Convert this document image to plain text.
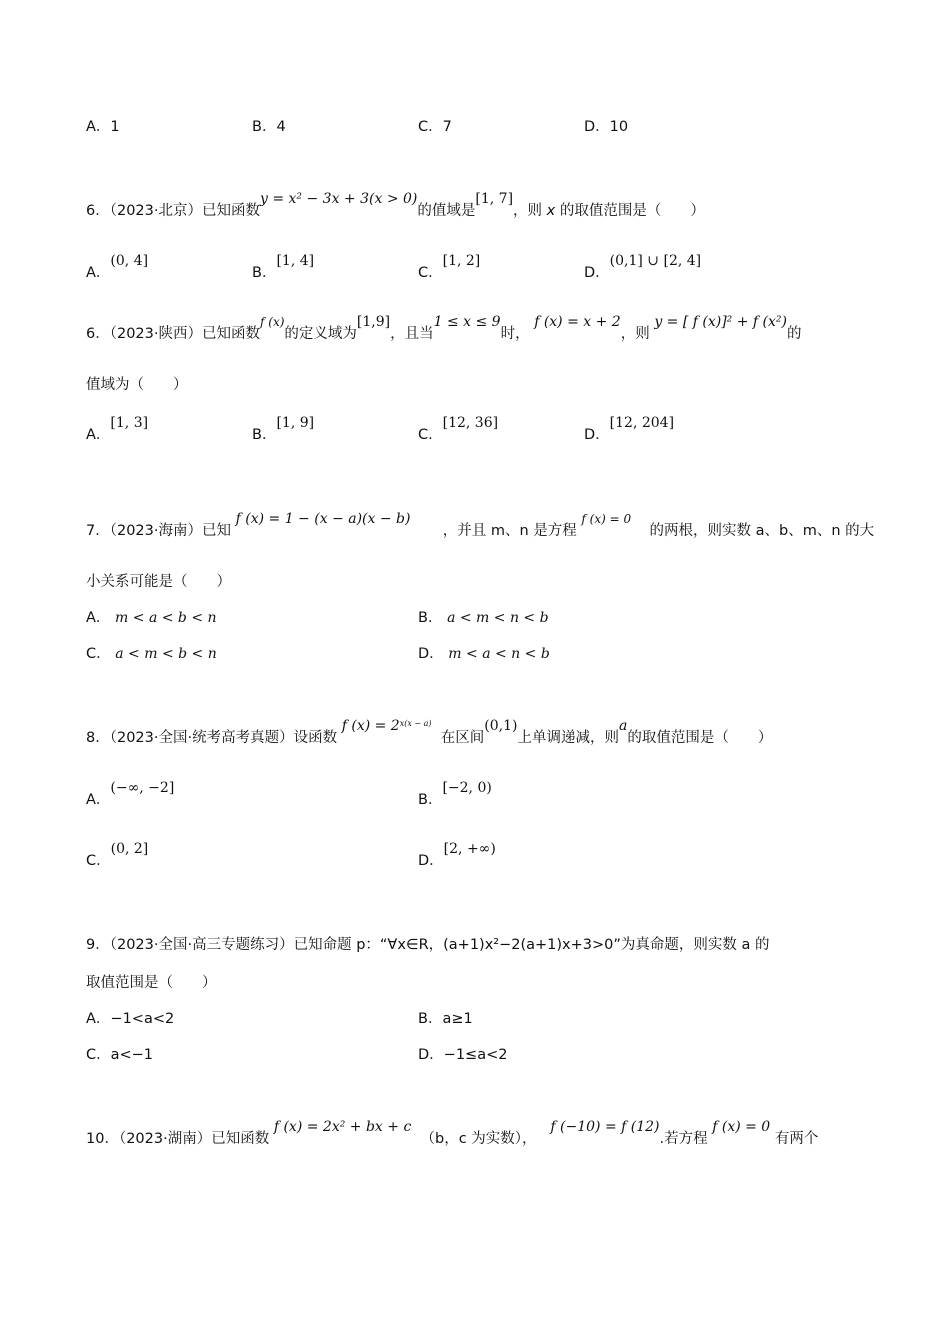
A．1	B．4	C．7	D．10
6．（2023·北京）已知函数y = x² − 3x + 3(x > 0)的值域是[1, 7]，则 x 的取值范围是（　　）
A．(0, 4]
B．[1, 4]
C．[1, 2]
D．(0,1] ∪ [2, 4]
6．（2023·陕西）已知函数$^{f (x)}$的定义域为[1,9]，且当1 ≤ x ≤ 9时， f (x) = x + 2，则 y = [ f (x)]² + f (x²)的
值域为（　　）
A．[1, 3]
B．[1, 9]
C．[12, 36]
D．[12, 204]
7．（2023·海南）已知 f (x) = 1 − (x − a)(x − b)       ，并且 m、n 是方程 $^{f (x) = 0}$    的两根，则实数 a、b、m、n 的大
小关系可能是（　　）
A． m < a < b < n	B． a < m < n < b
C． a < m < b < n	D． m < a < n < b
8．（2023·全国·统考高考真题）设函数 f $(x) = 2^{x(x - a)}$  在区间(0,1)上单调递减，则a的取值范围是（　　）
A．(−∞, −2]
B．[−2, 0)
C．(0, 2]
D．[2, +∞)
9．（2023·全国·高三专题练习）已知命题 p：“∀x∈R，(a+1)x²−2(a+1)x+3>0”为真命题，则实数 a 的
取值范围是（　　）
A．−1<a<2	B．a≥1
C．a<−1	D．−1≤a<2
10．（2023·湖南）已知函数 f (x) = 2x² + bx + c  （b，c 为实数），   f (−10) = f (12).若方程 f (x) = 0 有两个
